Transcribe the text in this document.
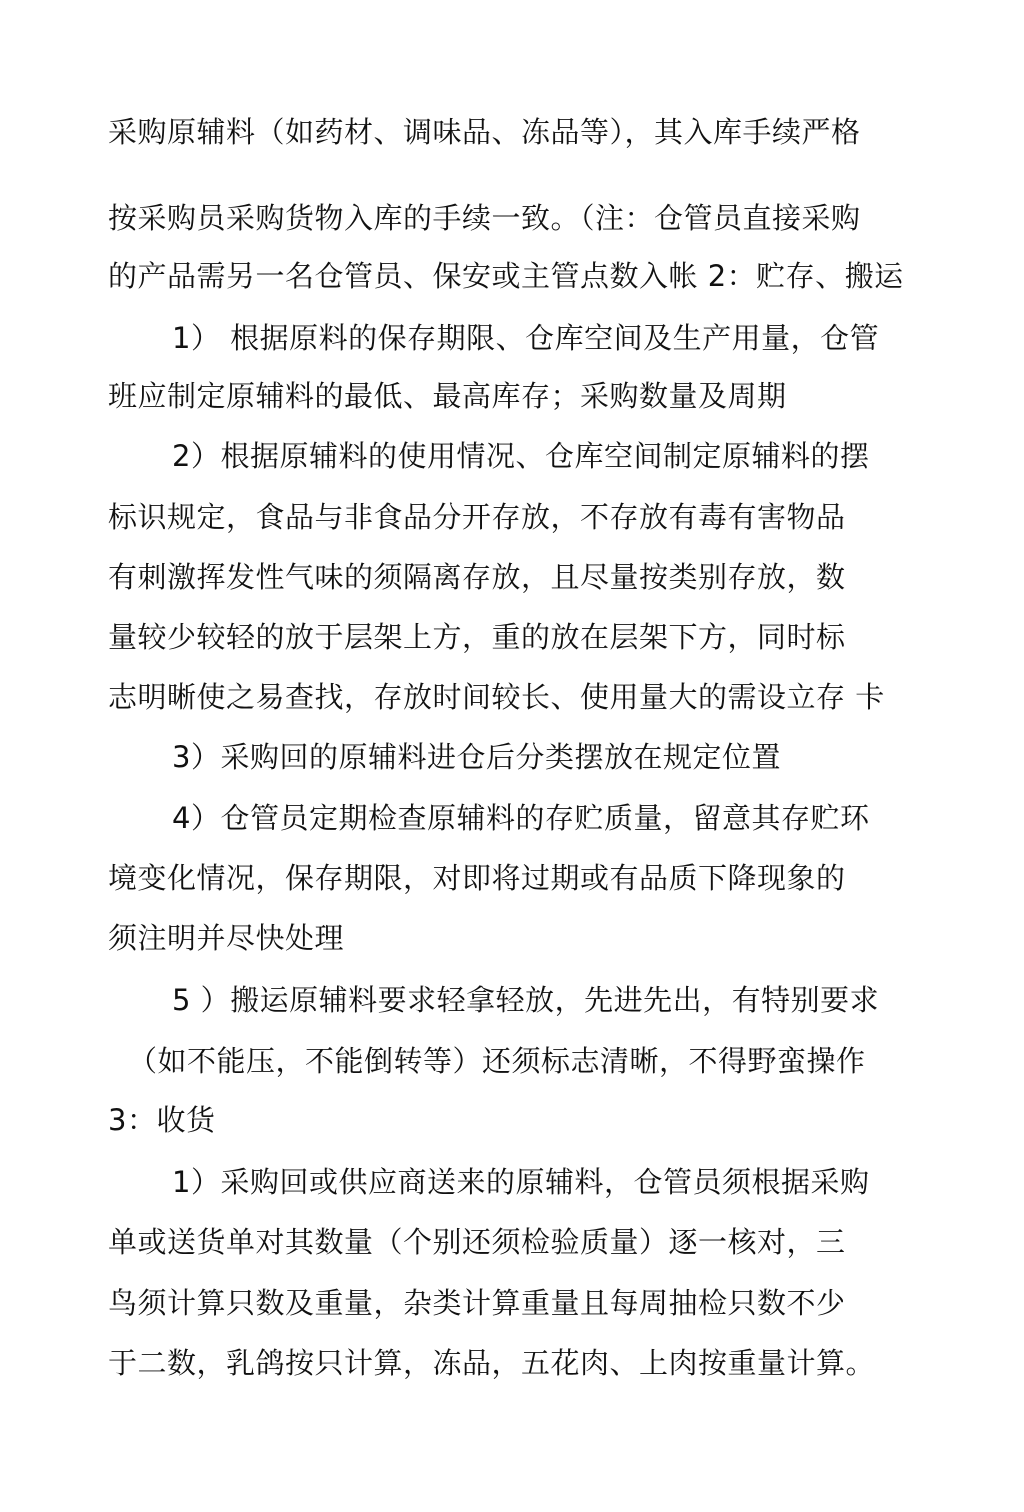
采购原辅料（如药材、调味品、冻品等），其入库手续严格
按采购员采购货物入库的手续一致。（注：仓管员直接采购
的产品需另一名仓管员、保安或主管点数入帐 2：贮存、搬运
1） 根据原料的保存期限、仓库空间及生产用量，仓管
班应制定原辅料的最低、最高库存；采购数量及周期
2）根据原辅料的使用情况、仓库空间制定原辅料的摆
标识规定，食品与非食品分开存放，不存放有毒有害物品
有刺激挥发性气味的须隔离存放，且尽量按类别存放，数
量较少较轻的放于层架上方，重的放在层架下方，同时标
志明晰使之易查找，存放时间较长、使用量大的需设立存 卡
3）采购回的原辅料进仓后分类摆放在规定位置
4）仓管员定期检查原辅料的存贮质量，留意其存贮环
境变化情况，保存期限，对即将过期或有品质下降现象的
须注明并尽快处理
5 ）搬运原辅料要求轻拿轻放，先进先出，有特别要求
（如不能压，不能倒转等）还须标志清晰，不得野蛮操作
3：收货
1）采购回或供应商送来的原辅料，仓管员须根据采购
单或送货单对其数量（个别还须检验质量）逐一核对，三
鸟须计算只数及重量，杂类计算重量且每周抽检只数不少
于二数，乳鸽按只计算，冻品，五花肉、上肉按重量计算。
